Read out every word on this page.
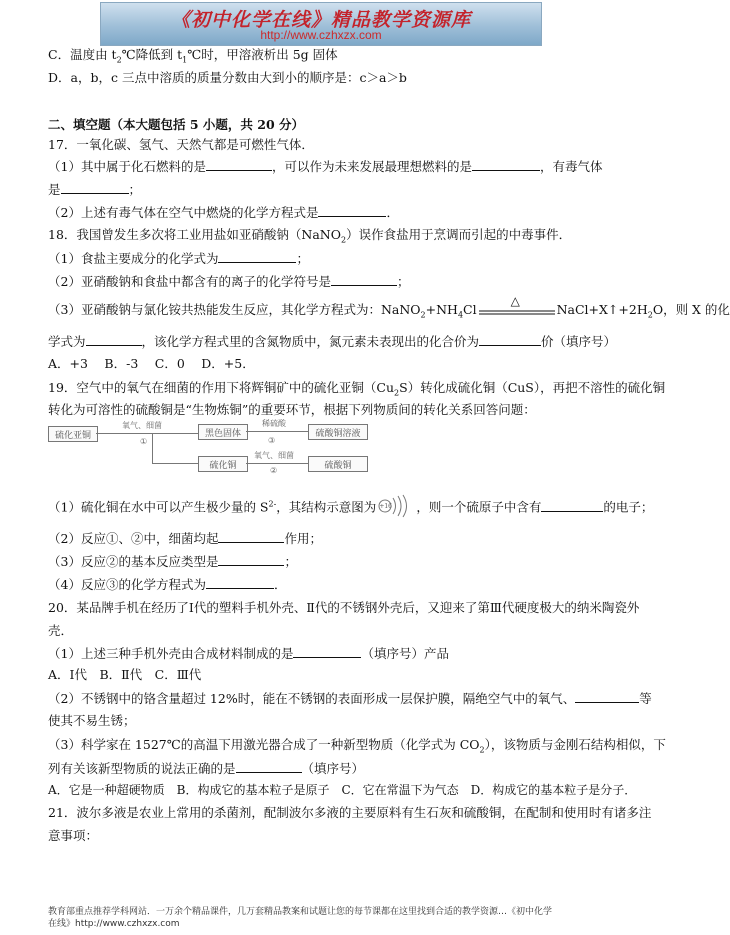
《初中化学在线》精品教学资源库
http://www.czhxzx.com
C．温度由 $t_2℃$降低到 $t_1℃$时，甲溶液析出 5g 固体
D．a，b，c 三点中溶质的质量分数由大到小的顺序是：c＞a＞b
二、填空题（本大题包括 5 小题，共 20 分）
17．一氧化碳、氢气、天然气都是可燃性气体．
（1）其中属于化石燃料的是	，可以作为未来发展最理想燃料的是	，有毒气体
是	；
（2）上述有毒气体在空气中燃烧的化学方程式是	．
18．我国曾发生多次将工业用盐如亚硝酸钠（NaNO$_2$）误作食盐用于烹调而引起的中毒事件．
（1）食盐主要成分的化学式为	；
（2）亚硝酸钠和食盐中都含有的离子的化学符号是	；
（3）亚硝酸钠与氯化铵共热能发生反应，其化学方程式为：$NaNO_2+NH_4Cl$
△
$NaCl+X↑+2H_2O$，则 X 的化
学式为	，该化学方程式里的含氮物质中，氮元素未表现出的化合价为	价（填序号）
A．+3 　B．-3 　C．0 　D．+5．
19．空气中的氧气在细菌的作用下将辉铜矿中的硫化亚铜$(Cu_2S)$转化成硫化铜（CuS），再把不溶性的硫化铜
转化为可溶性的硫酸铜是“生物炼铜”的重要环节，根据下列物质间的转化关系回答问题：
硫化亚铜
氧气、细菌
①
黑色固体
稀硫酸
③
硫酸铜溶液
硫化铜
氧气、细菌
②	硫酸铜
（1）硫化铜在水中可以产生极少量的 $S^{2-}$，其结构示意图为 +16 ，则一个硫原子中含有	的电子；
（2）反应①、②中，细菌均起	作用；
（3）反应②的基本反应类型是	；
（4）反应③的化学方程式为	．
20．某品牌手机在经历了Ⅰ代的塑料手机外壳、Ⅱ代的不锈钢外壳后，又迎来了第Ⅲ代硬度极大的纳米陶瓷外
壳．
（1）上述三种手机外壳由合成材料制成的是	（填序号）产品
A．Ⅰ代　B．Ⅱ代　C．Ⅲ代
（2）不锈钢中的铬含量超过 12%时，能在不锈钢的表面形成一层保护膜，隔绝空气中的氧气、	等
使其不易生锈；
（3）科学家在 1527℃的高温下用激光器合成了一种新型物质（化学式为 $CO_2$），该物质与金刚石结构相似，下
列有关该新型物质的说法正确的是	（填序号）
A．它是一种超硬物质　B．构成它的基本粒子是原子　C．它在常温下为气态　D．构成它的基本粒子是分子．
21．波尔多液是农业上常用的杀菌剂，配制波尔多液的主要原料有生石灰和硫酸铜，在配制和使用时有诸多注
意事项：
教育部重点推荐学科网站．一万余个精品课件，几万套精品教案和试题让您的每节课都在这里找到合适的教学资源…《初中化学
在线》http://www.czhxzx.com
